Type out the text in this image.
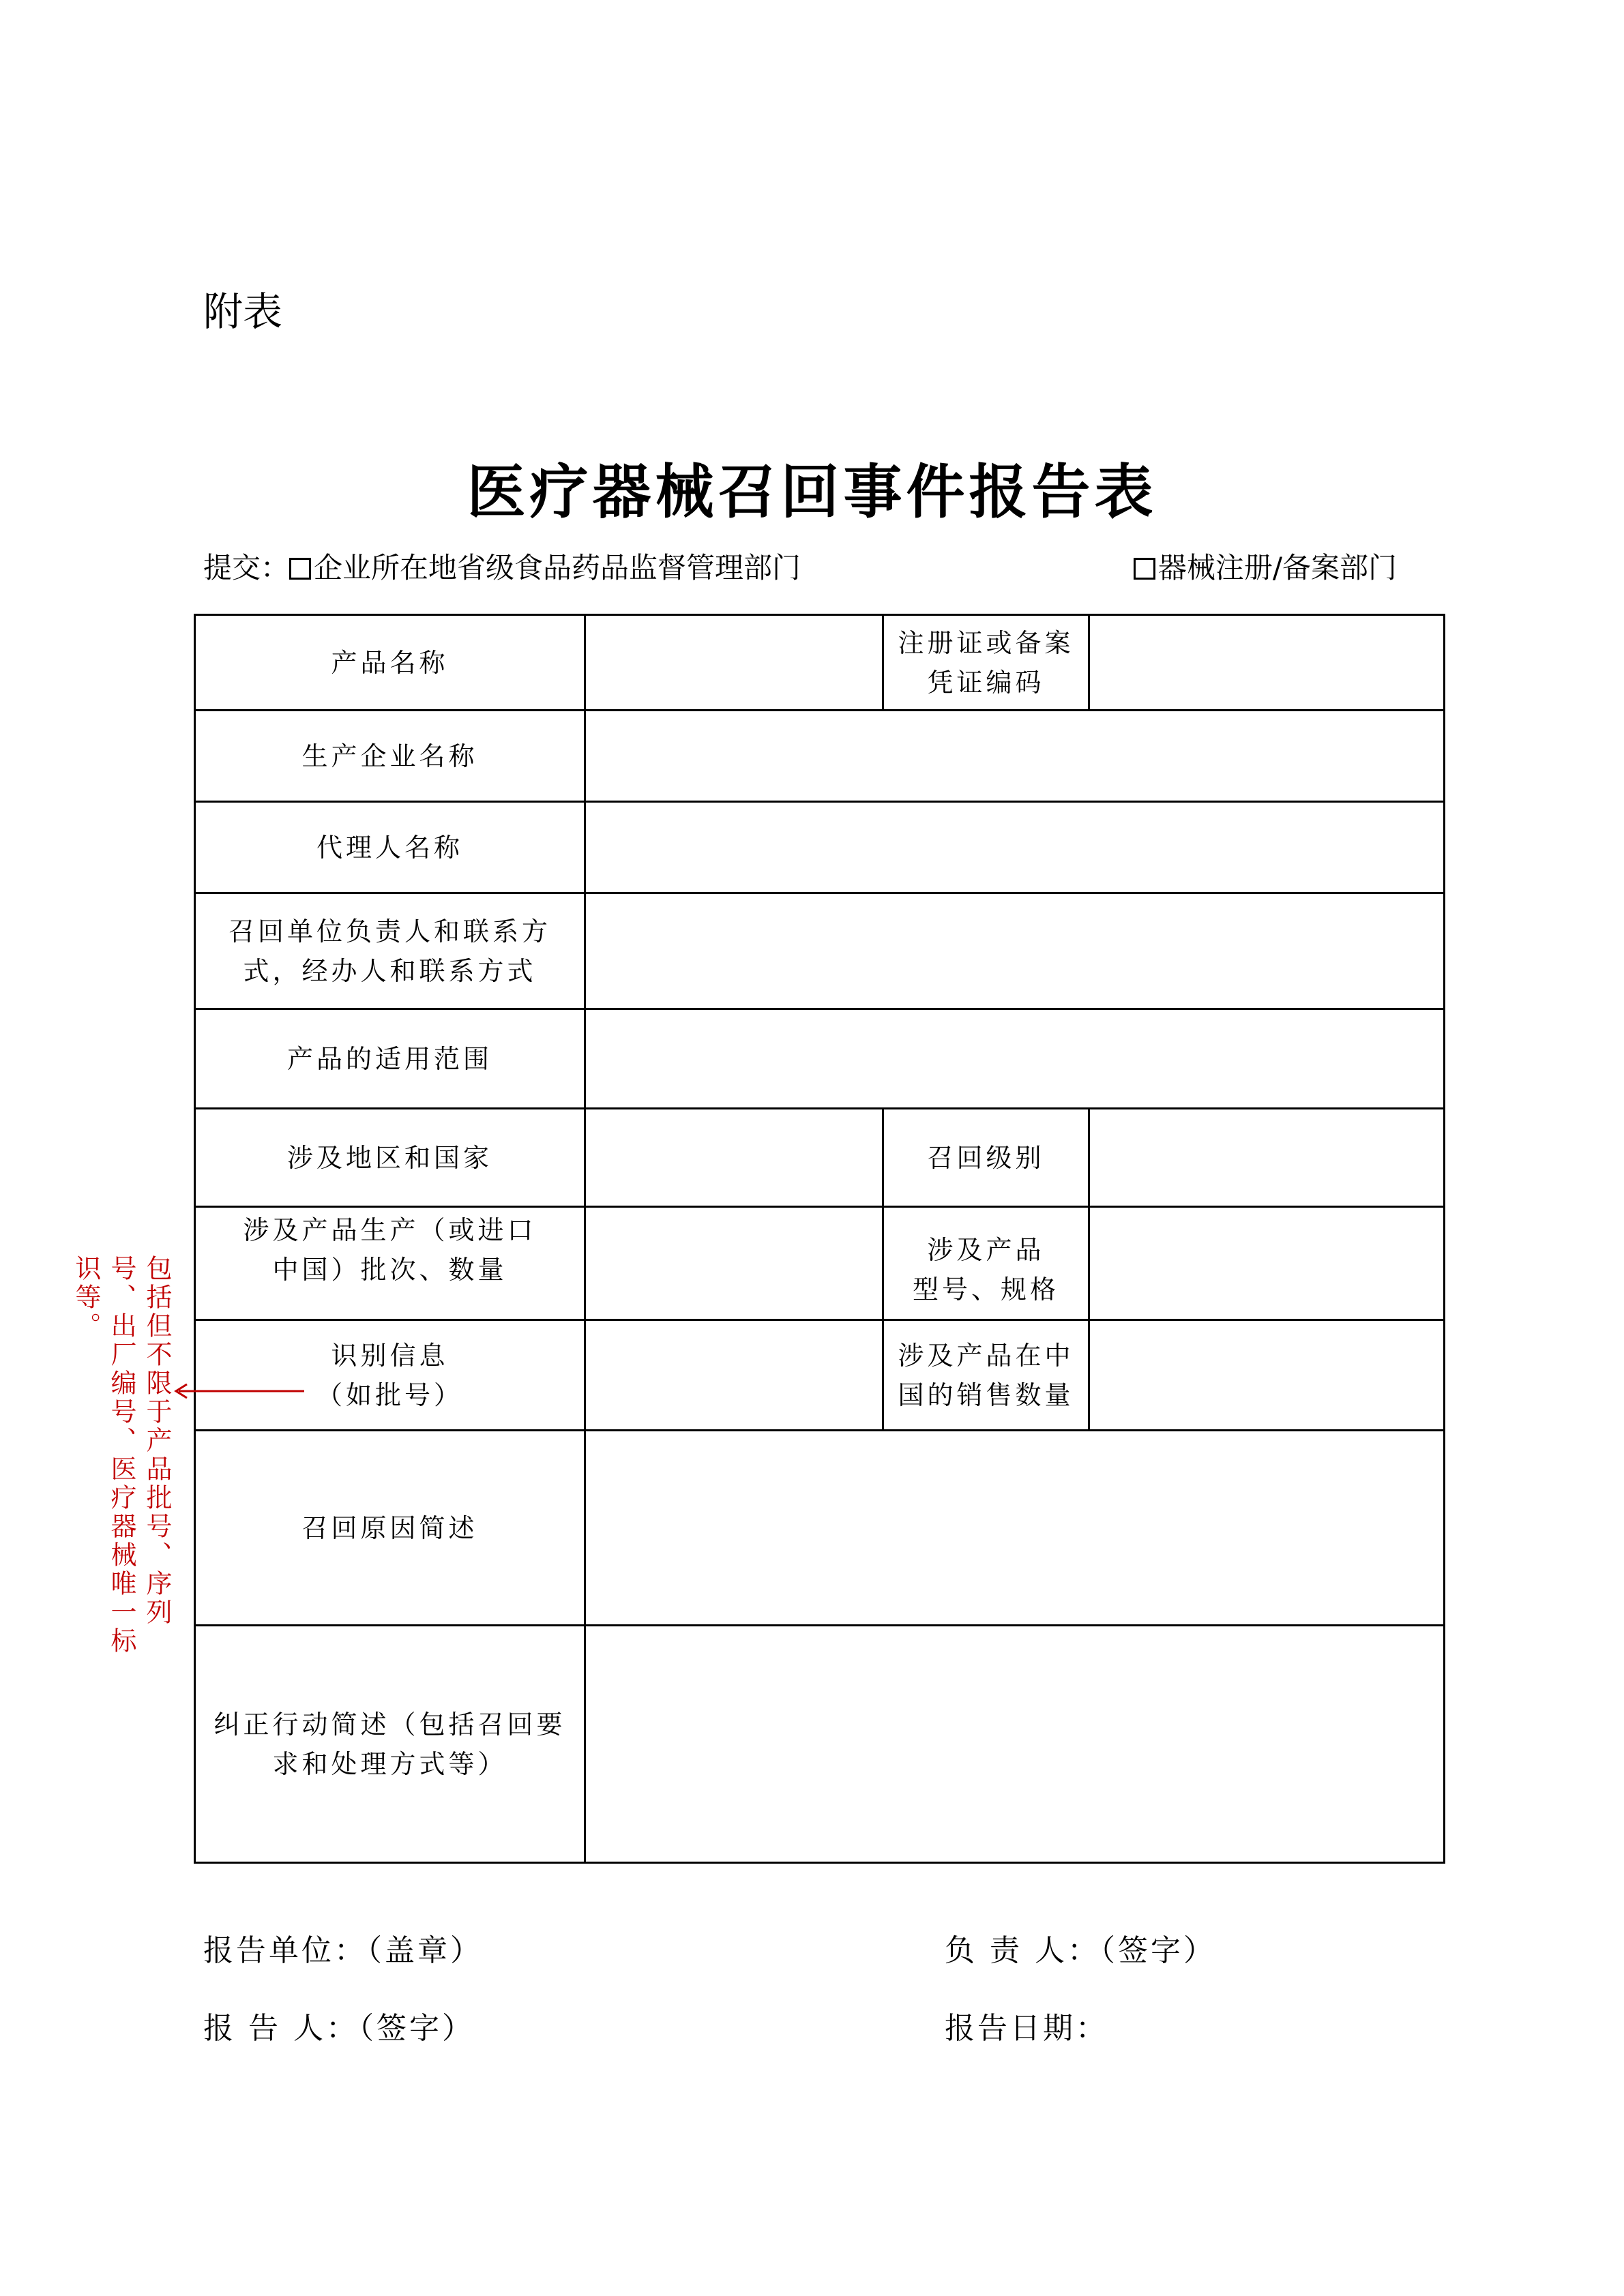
附表
医疗器械召回事件报告表
提交： 企业所在地省级食品药品监督管理部门	器械注册/备案部门
产品名称		注册证或备案
凭证编码	
生产企业名称			
代理人名称			
召回单位负责人和联系方
式，经办人和联系方式			
产品的适用范围			
涉及地区和国家		召回级别	
涉及产品生产（或进口
中国）批次、数量		涉及产品
型号、规格	
识别信息
（如批号）		涉及产品在中
国的销售数量	
召回原因简述			
纠正行动简述（包括召回要
求和处理方式等）			
包括但不限于产品批号、序列号、出厂编号、医疗器械唯一标识等。
报告单位：（盖章）	负 责 人：（签字）
报 告 人：（签字）	报告日期：
